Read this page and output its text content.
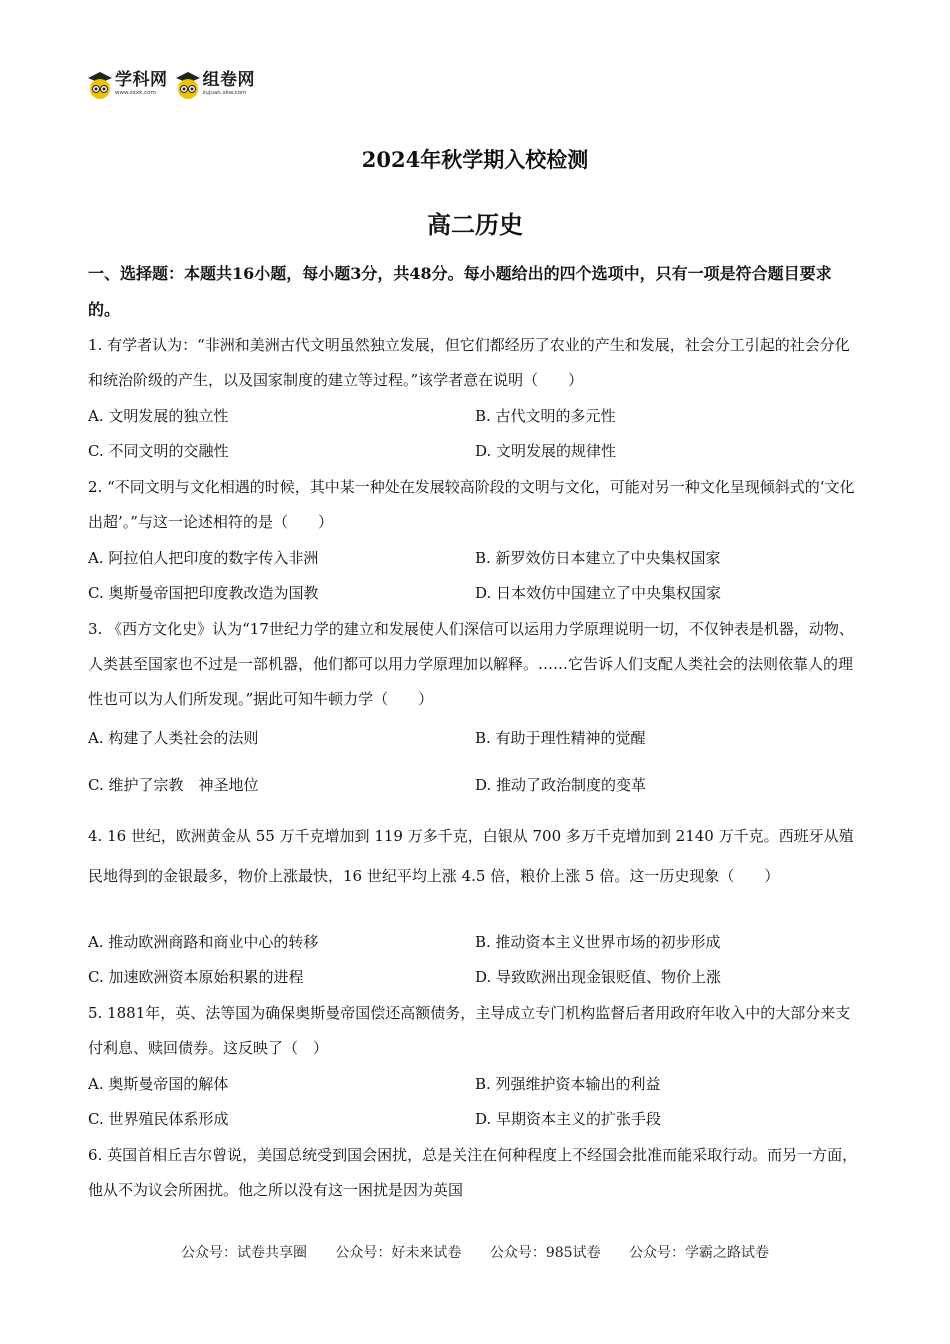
学科网
www.zxxk.com
组卷网
zujuan.xkw.com
2024年秋学期入校检测
高二历史
一、选择题：本题共16小题，每小题3分，共48分。每小题给出的四个选项中，只有一项是符合题目要求的。
1. 有学者认为：“非洲和美洲古代文明虽然独立发展，但它们都经历了农业的产生和发展，社会分工引起的社会分化和统治阶级的产生，以及国家制度的建立等过程。”该学者意在说明（　　）
A. 文明发展的独立性	B. 古代文明的多元性
C. 不同文明的交融性	D. 文明发展的规律性
2. “不同文明与文化相遇的时候，其中某一种处在发展较高阶段的文明与文化，可能对另一种文化呈现倾斜式的‘文化出超’。”与这一论述相符的是（　　）
A. 阿拉伯人把印度的数字传入非洲	B. 新罗效仿日本建立了中央集权国家
C. 奥斯曼帝国把印度教改造为国教	D. 日本效仿中国建立了中央集权国家
3. 《西方文化史》认为“17世纪力学的建立和发展使人们深信可以运用力学原理说明一切，不仅钟表是机器，动物、人类甚至国家也不过是一部机器，他们都可以用力学原理加以解释。……它告诉人们支配人类社会的法则依靠人的理性也可以为人们所发现。”据此可知牛顿力学（　　）
A. 构建了人类社会的法则	B. 有助于理性精神的觉醒
C. 维护了宗教　神圣地位	D. 推动了政治制度的变革
4. 16 世纪，欧洲黄金从 55 万千克增加到 119 万多千克，白银从 700 多万千克增加到 2140 万千克。西班牙从殖民地得到的金银最多，物价上涨最快，16 世纪平均上涨 4.5 倍，粮价上涨 5 倍。这一历史现象（　　）
A. 推动欧洲商路和商业中心的转移	B. 推动资本主义世界市场的初步形成
C. 加速欧洲资本原始积累的进程	D. 导致欧洲出现金银贬值、物价上涨
5. 1881年，英、法等国为确保奥斯曼帝国偿还高额债务，主导成立专门机构监督后者用政府年收入中的大部分来支付利息、赎回债券。这反映了（　）
A. 奥斯曼帝国的解体	B. 列强维护资本输出的利益
C. 世界殖民体系形成	D. 早期资本主义的扩张手段
6. 英国首相丘吉尔曾说，美国总统受到国会困扰，总是关注在何种程度上不经国会批准而能采取行动。而另一方面，他从不为议会所困扰。他之所以没有这一困扰是因为英国
公众号：试卷共享圈 公众号：好未来试卷 公众号：985试卷 公众号：学霸之路试卷
